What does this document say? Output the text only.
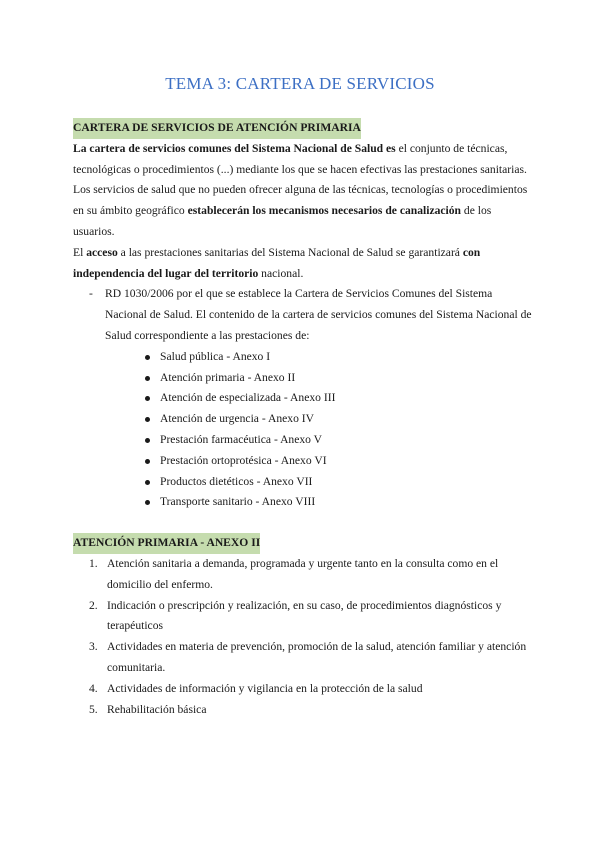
TEMA 3: CARTERA DE SERVICIOS
CARTERA DE SERVICIOS DE ATENCIÓN PRIMARIA

La cartera de servicios comunes del Sistema Nacional de Salud es el conjunto de técnicas, tecnológicas o procedimientos (...) mediante los que se hacen efectivas las prestaciones sanitarias.

Los servicios de salud que no pueden ofrecer alguna de las técnicas, tecnologías o procedimientos en su ámbito geográfico establecerán los mecanismos necesarios de canalización de los usuarios.

El acceso a las prestaciones sanitarias del Sistema Nacional de Salud se garantizará con independencia del lugar del territorio nacional.

- RD 1030/2006 por el que se establece la Cartera de Servicios Comunes del Sistema Nacional de Salud. El contenido de la cartera de servicios comunes del Sistema Nacional de Salud correspondiente a las prestaciones de:
Salud pública - Anexo I
Atención primaria - Anexo II
Atención de especializada - Anexo III
Atención de urgencia - Anexo IV
Prestación farmacéutica - Anexo V
Prestación ortoprotésica - Anexo VI
Productos dietéticos - Anexo VII
Transporte sanitario - Anexo VIII
ATENCIÓN PRIMARIA - ANEXO II
1. Atención sanitaria a demanda, programada y urgente tanto en la consulta como en el domicilio del enfermo.
2. Indicación o prescripción y realización, en su caso, de procedimientos diagnósticos y terapéuticos
3. Actividades en materia de prevención, promoción de la salud, atención familiar y atención comunitaria.
4. Actividades de información y vigilancia en la protección de la salud
5. Rehabilitación básica
